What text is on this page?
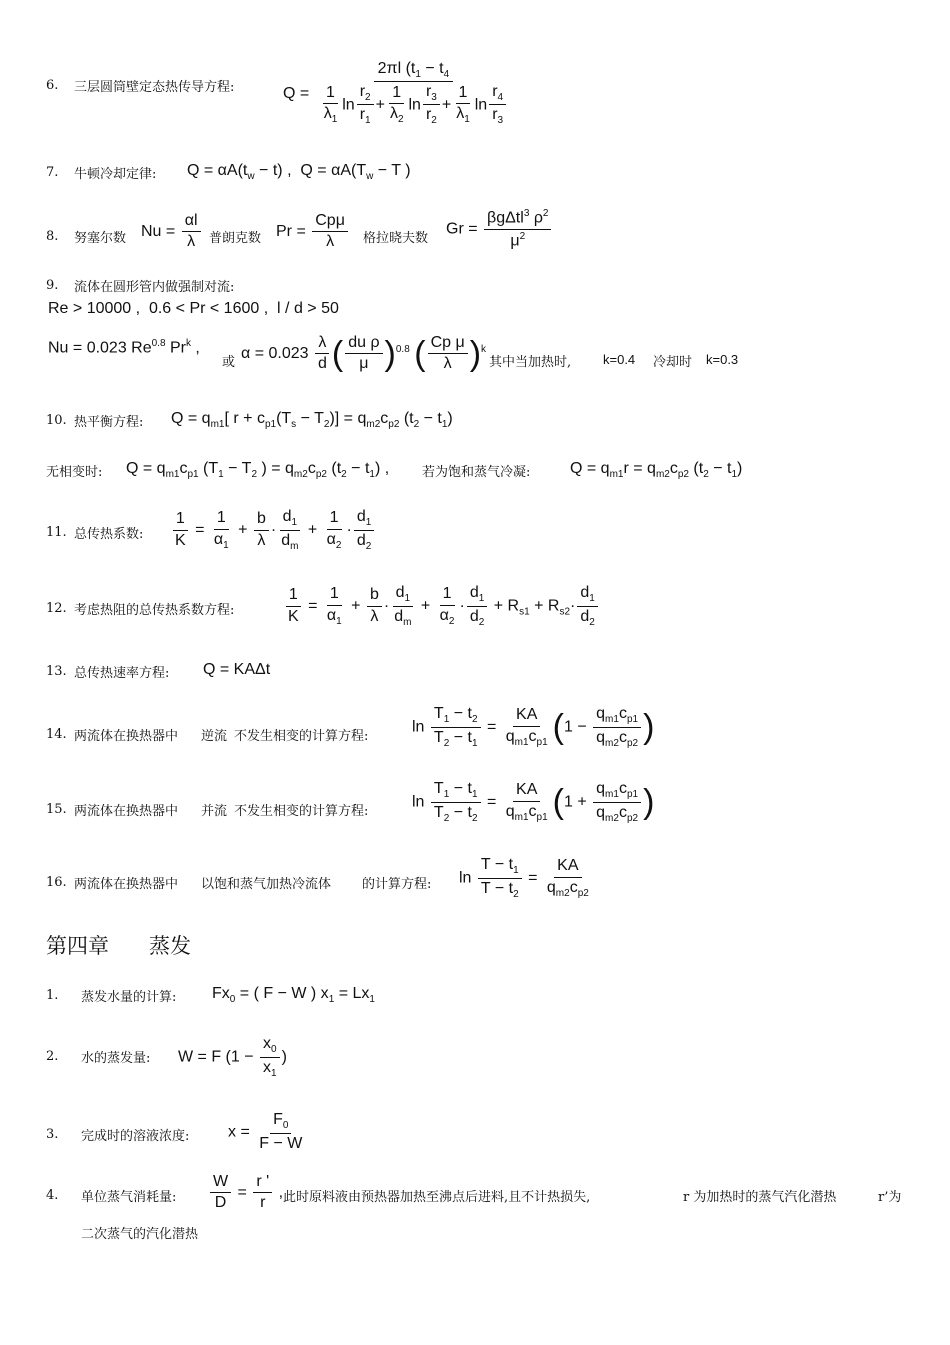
6. 三层圆筒壁定态热传导方程:	$Q = \frac{2\pi l (t_1 - t_4}{\frac{1}{\lambda_1} \ln \frac{r_2}{r_1} + \frac{1}{\lambda_2} \ln \frac{r_3}{r_2} + \frac{1}{\lambda_1} \ln \frac{r_4}{r_3}}$
7. 牛顿冷却定律: $Q = \alpha A(t_w - t)$ ,  $Q = \alpha A(T_w - T$ )
8. 努塞尔数 $Nu = \frac{\alpha l}{\lambda}$ 普朗克数 $Pr = \frac{\text{Cpμ}}{\lambda}$ 格拉晓夫数
$Gr = \frac{\beta g\Delta tl^3 \rho^2}{\mu^2}$
9. 流体在圆形管内做强制对流:
Re > 10000 ,  0.6 < Pr < 1600 ,  l / d > 50
Nu = 0.023 $Re^{0.8}$ Pr$^k$ ,
或
$\alpha = 0.023 \frac{\lambda}{d}$ ( $\frac{\text{du ρ}}{\mu} )^{0.8}$ ( $\frac{\text{Cp μ}}{\lambda} )^k$ ,
其中当加热时, k=0.4 冷却时 k=0.3
10. 热平衡方程: $Q = q_{m1}$[ $r + c_{p1}(T_s - T_2)] = q_{m2}c_{p2}$ $(t_2 - t_1)$
无相变时: $Q = q_{m1}c_{p1}$ ($T_1 - T_2$ ) = $q_{m2}c_{p2}$ $(t_2 - t_1)$ ,	若为饱和蒸气冷凝: $Q = q_{m1}r = q_{m2}c_{p2}$ $(t_2 - t_1)$
11. 总传热系数: $\frac{1}{K} = \frac{1}{\alpha_1} + \frac{b}{\lambda} \cdot \frac{d_1}{d_m} + \frac{1}{\alpha_2} \cdot \frac{d_1}{d_2}$
12. 考虑热阻的总传热系数方程:	$\frac{1}{K} = \frac{1}{\alpha_1} + \frac{b}{\lambda} \cdot \frac{d_1}{d_m} + \frac{1}{\alpha_2} \cdot \frac{d_1}{d_2} + R_{s1} + R_{s2}\cdot \frac{d_1}{d_2}$
13. 总传热速率方程: Q = KAΔt
14. 两流体在换热器中 逆流 不发生相变的计算方程:
$\ln \frac{T_1 - t_2}{T_2 - t_1} = \frac{KA}{q_{m1}c_{p1}} (1 - \frac{q_{m1}c_{p1}}{q_{m2}c_{p2}}$ )
15. 两流体在换热器中 并流 不发生相变的计算方程:
$\ln \frac{T_1 - t_1}{T_2 - t_2} = \frac{KA}{q_{m1}c_{p1}} (1 + \frac{q_{m1}c_{p1}}{q_{m2}c_{p2}}$ )
16. 两流体在换热器中 以饱和蒸气加热冷流体 的计算方程: $\ln \frac{T - t_1}{T - t_2} = \frac{KA}{q_{m2}c_{p2}}$
第四章 蒸发
1. 蒸发水量的计算: $Fx_0$ = ( F − W ) $x_1 = Lx_1$
2. 水的蒸发量: W = F ($1 - \frac{x_0}{x_1}$ )
3. 完成时的溶液浓度: $x = \frac{F_0}{F - W}$
4. 单位蒸气消耗量: $\frac{W}{D} = \frac{r '}{r}$ , 此时原料液由预热器加热至沸点后进料,且不计热损失,	r 为加热时的蒸气汽化潜热	r’为
二次蒸气的汽化潜热
